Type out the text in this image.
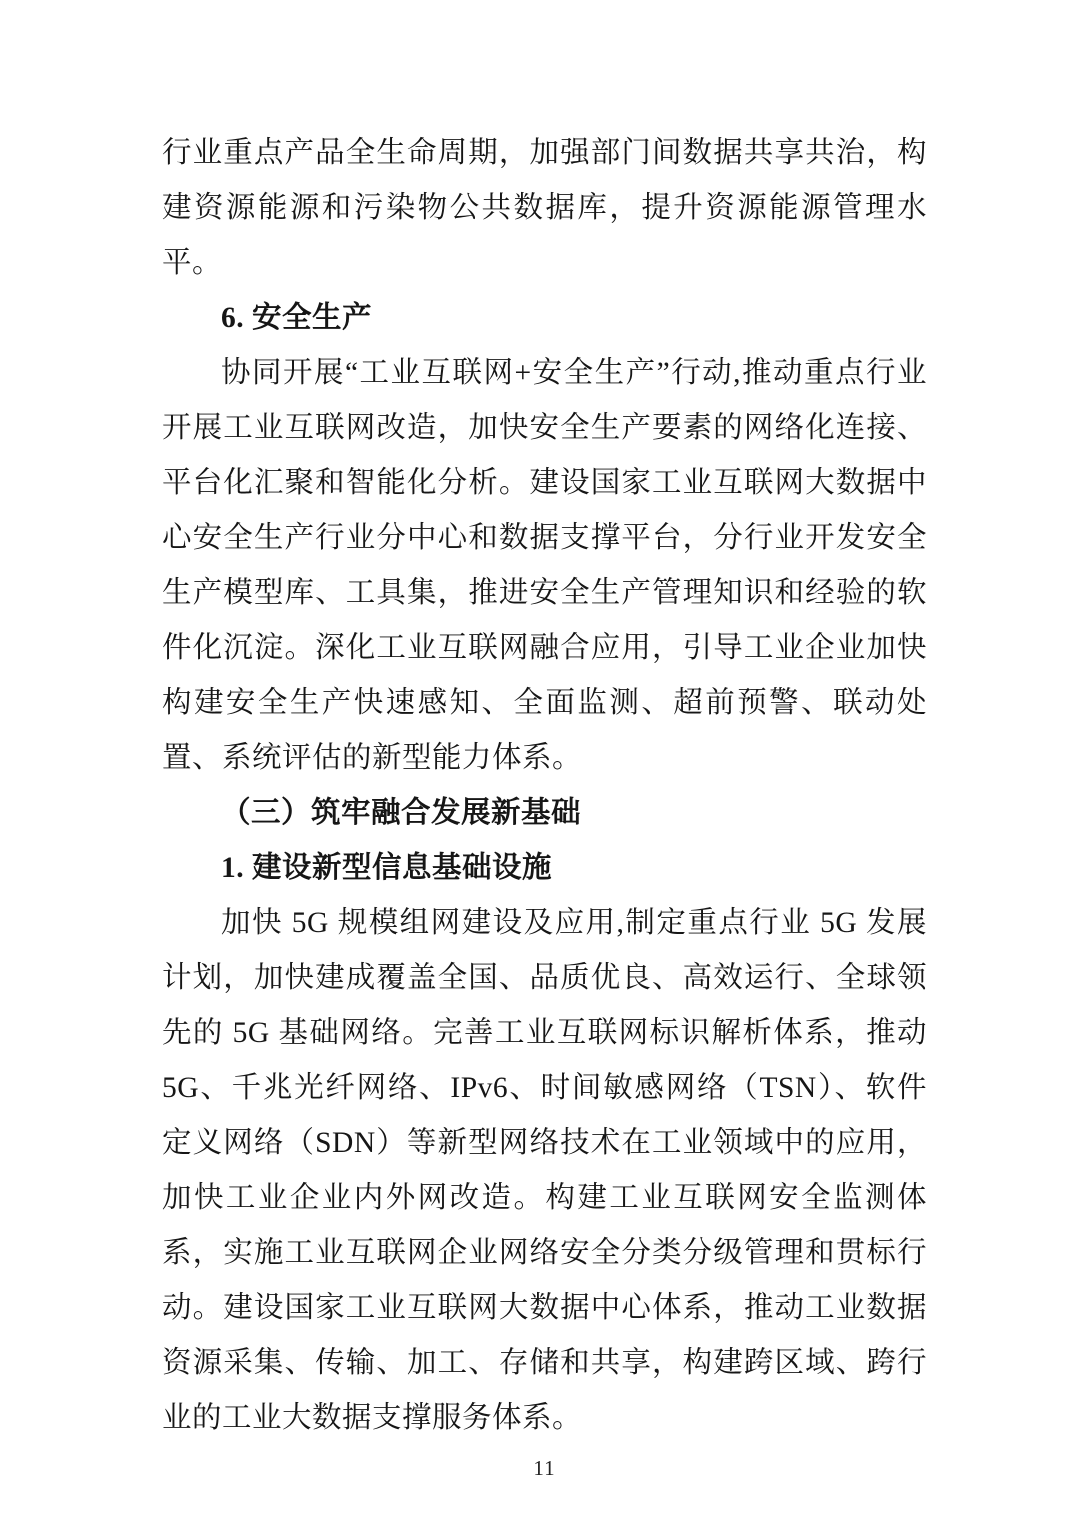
行业重点产品全生命周期，加强部门间数据共享共治，构建资源能源和污染物公共数据库，提升资源能源管理水平。

6. 安全生产

协同开展“工业互联网+安全生产”行动,推动重点行业开展工业互联网改造，加快安全生产要素的网络化连接、平台化汇聚和智能化分析。建设国家工业互联网大数据中心安全生产行业分中心和数据支撑平台，分行业开发安全生产模型库、工具集，推进安全生产管理知识和经验的软件化沉淀。深化工业互联网融合应用，引导工业企业加快构建安全生产快速感知、全面监测、超前预警、联动处置、系统评估的新型能力体系。

（三）筑牢融合发展新基础

1. 建设新型信息基础设施

加快 5G 规模组网建设及应用,制定重点行业 5G 发展计划，加快建成覆盖全国、品质优良、高效运行、全球领先的 5G 基础网络。完善工业互联网标识解析体系，推动 5G、千兆光纤网络、IPv6、时间敏感网络（TSN）、软件定义网络（SDN）等新型网络技术在工业领域中的应用，加快工业企业内外网改造。构建工业互联网安全监测体系，实施工业互联网企业网络安全分类分级管理和贯标行动。建设国家工业互联网大数据中心体系，推动工业数据资源采集、传输、加工、存储和共享，构建跨区域、跨行业的工业大数据支撑服务体系。

11
